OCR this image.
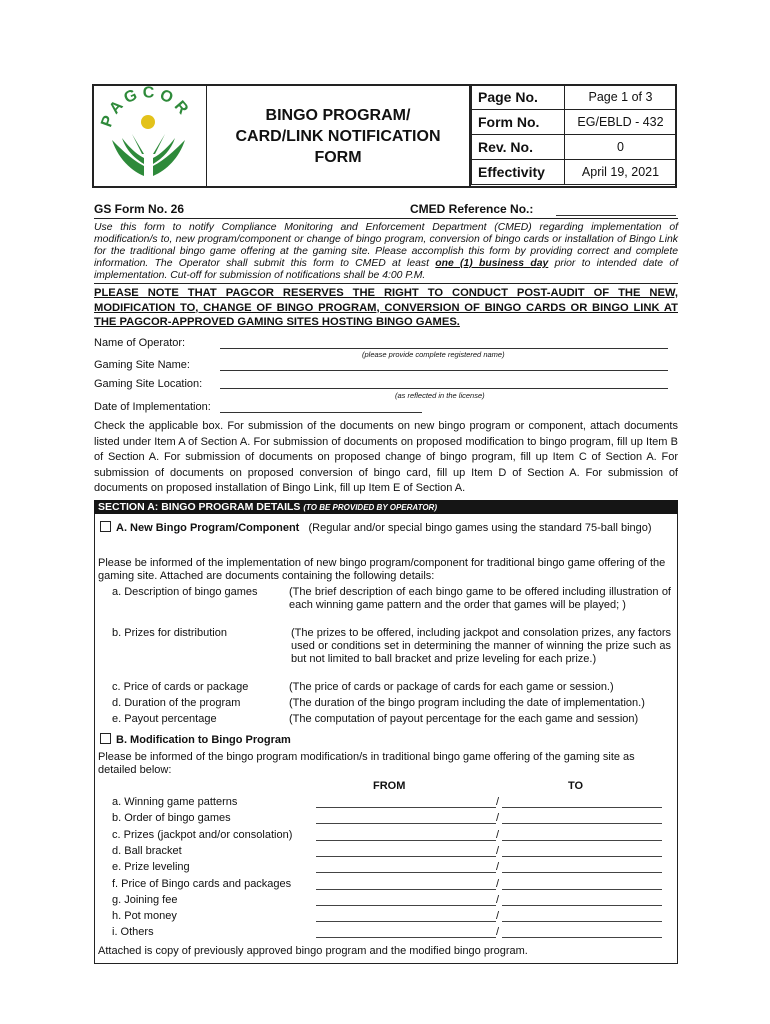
P A G C O R	BINGO PROGRAM/
CARD/LINK NOTIFICATION
FORM
Page No.	Page 1 of 3
Form No.	EG/EBLD - 432
Rev. No.	0
Effectivity	April 19, 2021
GS Form No. 26	CMED Reference No.:
Use this form to notify Compliance Monitoring and Enforcement Department (CMED) regarding implementation of modification/s to, new program/component or change of bingo program, conversion of bingo cards or installation of Bingo Link for the traditional bingo game offering at the gaming site. Please accomplish this form by providing correct and complete information. The Operator shall submit this form to CMED at least one (1) business day prior to intended date of implementation. Cut-off for submission of notifications shall be 4:00 P.M.
PLEASE NOTE THAT PAGCOR RESERVES THE RIGHT TO CONDUCT POST-AUDIT OF THE NEW, MODIFICATION TO, CHANGE OF BINGO PROGRAM, CONVERSION OF BINGO CARDS OR BINGO LINK AT THE PAGCOR-APPROVED GAMING SITES HOSTING BINGO GAMES.
Name of Operator:
(please provide complete registered name)
Gaming Site Name:
Gaming Site Location:
(as reflected in the license)
Date of Implementation:
Check the applicable box. For submission of the documents on new bingo program or component, attach documents listed under Item A of Section A. For submission of documents on proposed modification to bingo program, fill up Item B of Section A. For submission of documents on proposed change of bingo program, fill up Item C of Section A. For submission of documents on proposed conversion of bingo card, fill up Item D of Section A. For submission of documents on proposed installation of Bingo Link, fill up Item E of Section A.
SECTION A: BINGO PROGRAM DETAILS (TO BE PROVIDED BY OPERATOR)
A. New Bingo Program/Component (Regular and/or special bingo games using the standard 75-ball bingo)
Please be informed of the implementation of new bingo program/component for traditional bingo game offering of the gaming site. Attached are documents containing the following details:
a. Description of bingo games	(The brief description of each bingo game to be offered including illustration of each winning game pattern and the order that games will be played; )
b. Prizes for distribution	(The prizes to be offered, including jackpot and consolation prizes, any factors used or conditions set in determining the manner of winning the prize such as but not limited to ball bracket and prize leveling for each prize.)
c. Price of cards or package	(The price of cards or package of cards for each game or session.)
d. Duration of the program	(The duration of the bingo program including the date of implementation.)
e. Payout percentage	(The computation of payout percentage for the each game and session)
B. Modification to Bingo Program
Please be informed of the bingo program modification/s in traditional bingo game offering of the gaming site as detailed below:
FROM	TO
a. Winning game patterns	/
b. Order of bingo games	/
c. Prizes (jackpot and/or consolation)	/
d. Ball bracket	/
e. Prize leveling	/
f. Price of Bingo cards and packages	/
g. Joining fee	/
h. Pot money	/
i. Others	/
Attached is copy of previously approved bingo program and the modified bingo program.
